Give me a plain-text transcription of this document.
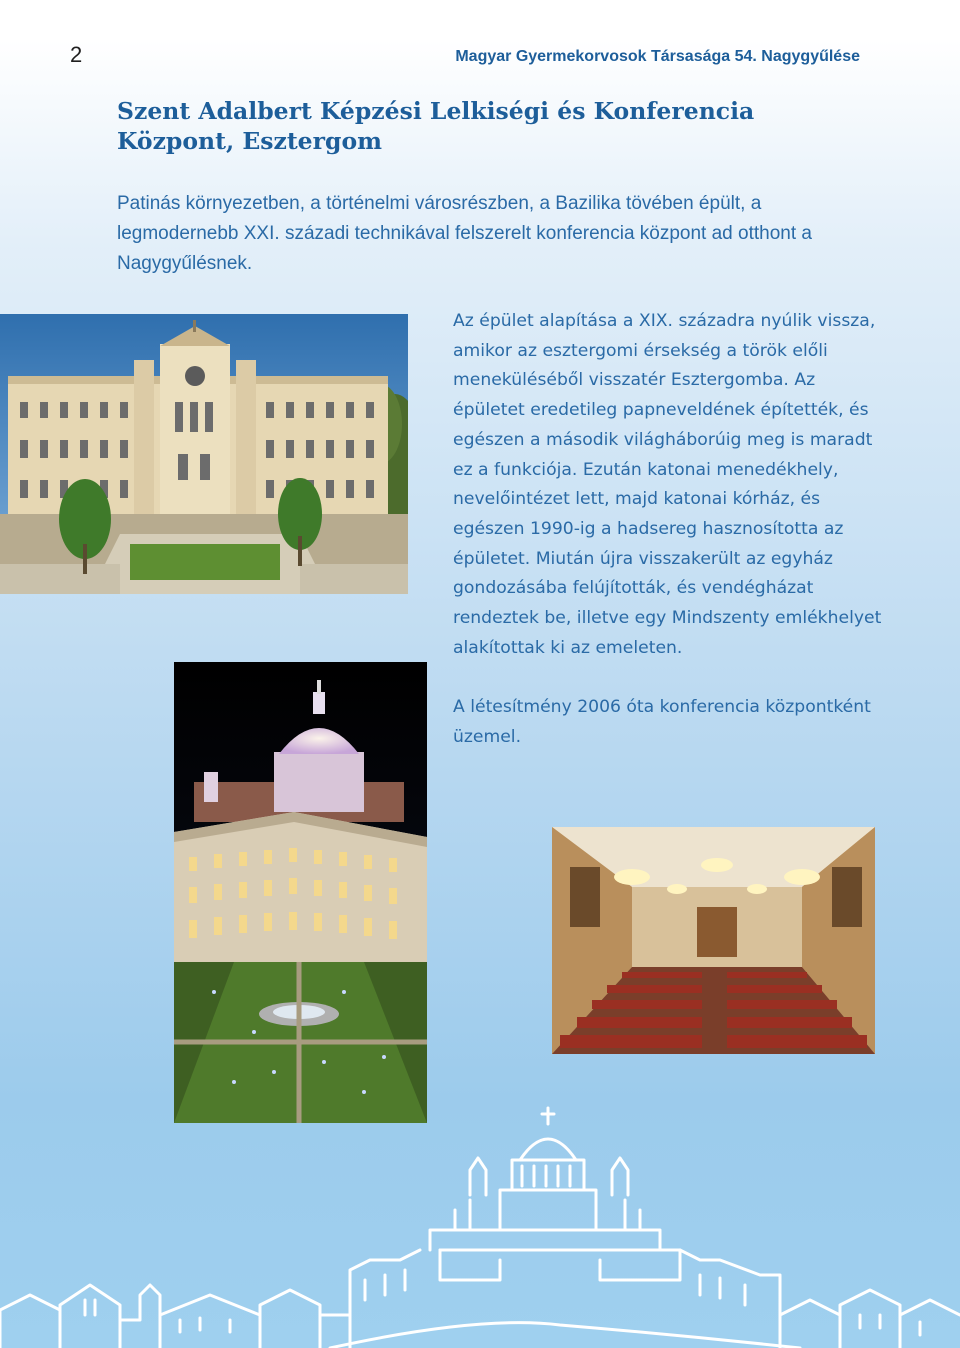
2	Magyar Gyermekorvosok Társasága 54. Nagygyűlése
Szent Adalbert Képzési Lelkiségi és Konferencia Központ, Esztergom

Patinás környezetben, a történelmi városrészben, a Bazilika tövében épült, a legmodernebb XXI. századi technikával felszerelt konferencia központ ad otthont a Nagygyűlésnek.

Az épület alapítása a XIX. századra nyúlik vissza, amikor az esztergomi érsekség a török előli meneküléséből visszatér Esztergomba. Az épületet eredetileg papneveldének építették, és egészen a második világháborúig meg is maradt ez a funkciója. Ezután katonai menedékhely, nevelőintézet lett, majd katonai kórház, és egészen 1990-ig a hadsereg hasznosította az épületet. Miután újra visszakerült az egyház gondozásába felújították, és vendégházat rendeztek be, illetve egy Mindszenty emlékhelyet alakítottak ki az emeleten.

A létesítmény 2006 óta konferencia központként üzemel.
